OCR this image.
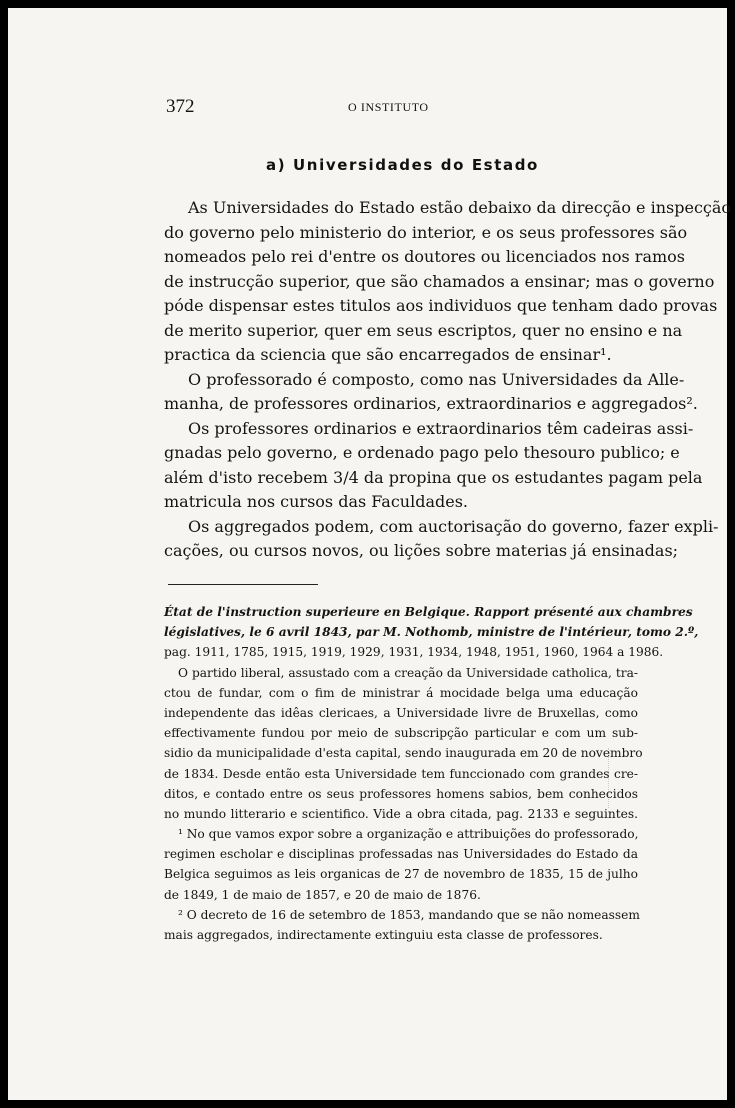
372	O INSTITUTO
a) Universidades do Estado
As Universidades do Estado estão debaixo da direcção e inspecção
do governo pelo ministerio do interior, e os seus professores são
nomeados pelo rei d'entre os doutores ou licenciados nos ramos
de instrucção superior, que são chamados a ensinar; mas o governo
póde dispensar estes titulos aos individuos que tenham dado provas
de merito superior, quer em seus escriptos, quer no ensino e na
practica da sciencia que são encarregados de ensinar¹.
O professorado é composto, como nas Universidades da Alle-
manha, de professores ordinarios, extraordinarios e aggregados².
Os professores ordinarios e extraordinarios têm cadeiras assi-
gnadas pelo governo, e ordenado pago pelo thesouro publico; e
além d'isto recebem 3/4 da propina que os estudantes pagam pela
matricula nos cursos das Faculdades.
Os aggregados podem, com auctorisação do governo, fazer expli-
cações, ou cursos novos, ou lições sobre materias já ensinadas;
État de l'instruction superieure en Belgique. Rapport présenté aux chambres
législatives, le 6 avril 1843, par M. Nothomb, ministre de l'intérieur, tomo 2.º,
pag. 1911, 1785, 1915, 1919, 1929, 1931, 1934, 1948, 1951, 1960, 1964 a 1986.
O partido liberal, assustado com a creação da Universidade catholica, tra-
ctou de fundar, com o fim de ministrar á mocidade belga uma educação
independente das idêas clericaes, a Universidade livre de Bruxellas, como
effectivamente fundou por meio de subscripção particular e com um sub-
sidio da municipalidade d'esta capital, sendo inaugurada em 20 de novembro
de 1834. Desde então esta Universidade tem funccionado com grandes cre-
ditos, e contado entre os seus professores homens sabios, bem conhecidos
no mundo litterario e scientifico. Vide a obra citada, pag. 2133 e seguintes.
¹ No que vamos expor sobre a organização e attribuições do professorado,
regimen escholar e disciplinas professadas nas Universidades do Estado da
Belgica seguimos as leis organicas de 27 de novembro de 1835, 15 de julho
de 1849, 1 de maio de 1857, e 20 de maio de 1876.
² O decreto de 16 de setembro de 1853, mandando que se não nomeassem
mais aggregados, indirectamente extinguiu esta classe de professores.
